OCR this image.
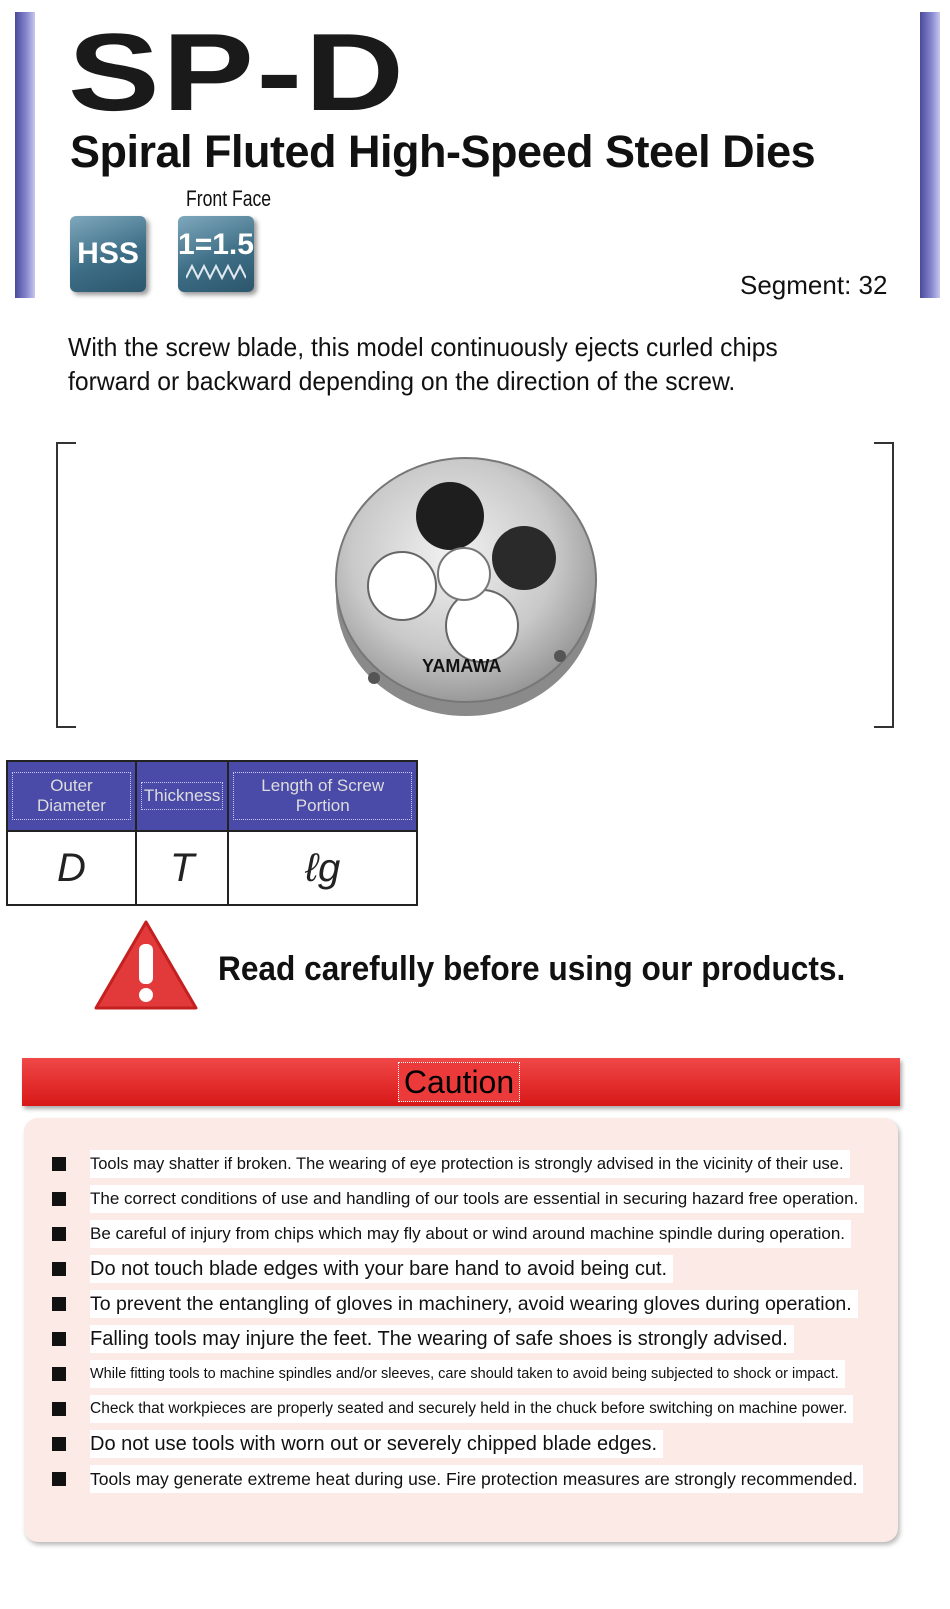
SP-D
Spiral Fluted High-Speed Steel Dies
Front Face
HSS 1=1.5
Segment: 32
With the screw blade, this model continuously ejects curled chips forward or backward depending on the direction of the screw.
YAMAWA
Outer Diameter	Thickness	Length of Screw Portion

D	T	ℓg
Read carefully before using our products.
Caution
Tools may shatter if broken. The wearing of eye protection is strongly advised in the vicinity of their use.
The correct conditions of use and handling of our tools are essential in securing hazard free operation.
Be careful of injury from chips which may fly about or wind around machine spindle during operation.
Do not touch blade edges with your bare hand to avoid being cut.
To prevent the entangling of gloves in machinery, avoid wearing gloves during operation.
Falling tools may injure the feet. The wearing of safe shoes is strongly advised.
While fitting tools to machine spindles and/or sleeves, care should taken to avoid being subjected to shock or impact.
Check that workpieces are properly seated and securely held in the chuck before switching on machine power.
Do not use tools with worn out or severely chipped blade edges.
Tools may generate extreme heat during use. Fire protection measures are strongly recommended.
